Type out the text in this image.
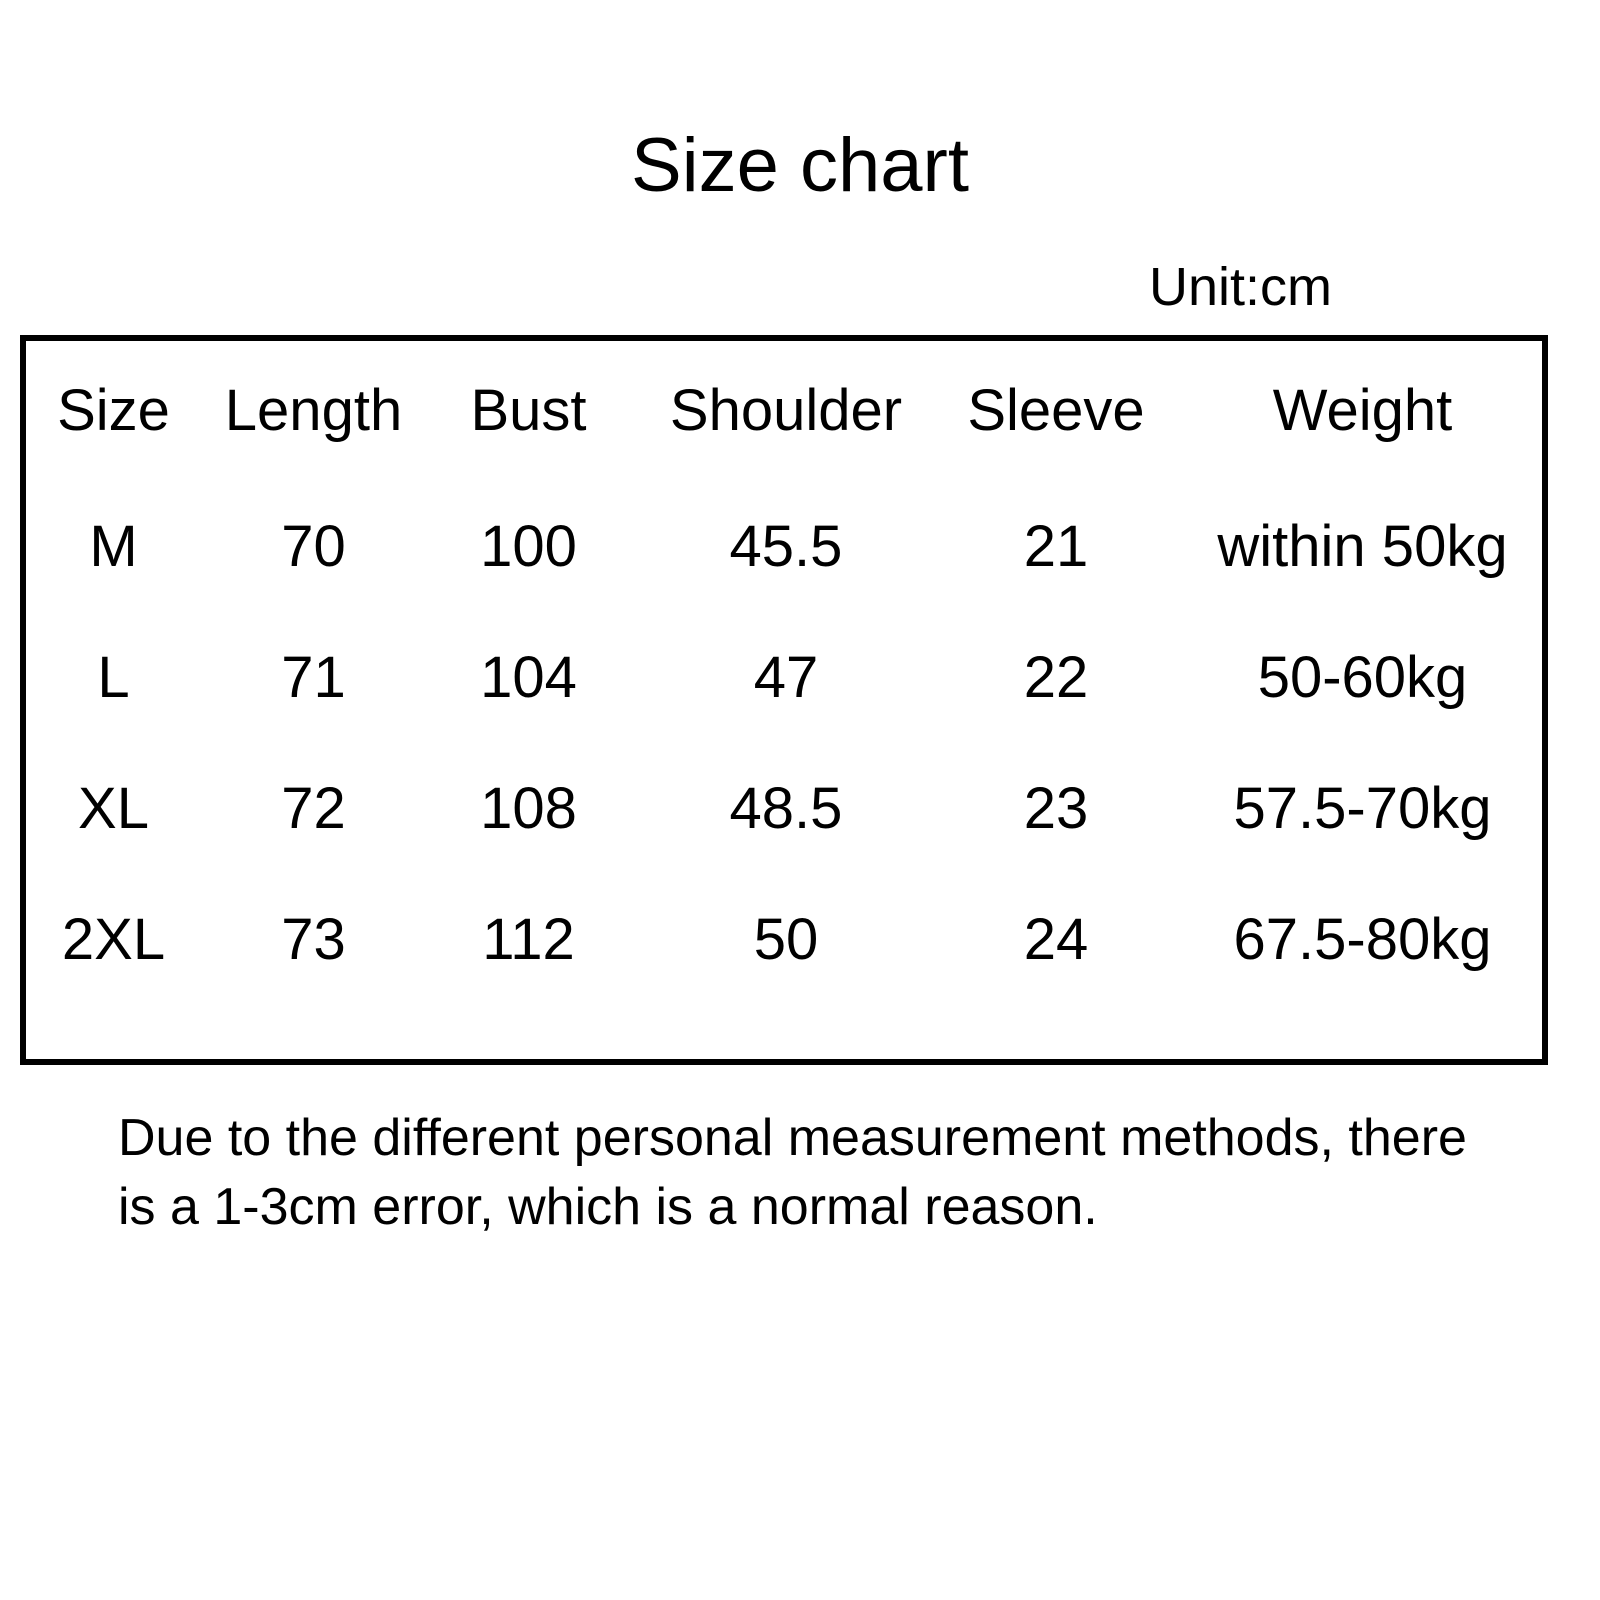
Size chart
Unit:cm
Size	Length	Bust	Shoulder	Sleeve	Weight
M	70	100	45.5	21	within 50kg
L	71	104	47	22	50-60kg
XL	72	108	48.5	23	57.5-70kg
2XL	73	112	50	24	67.5-80kg
Due to the different personal measurement methods, there is a 1-3cm error, which is a normal reason.
